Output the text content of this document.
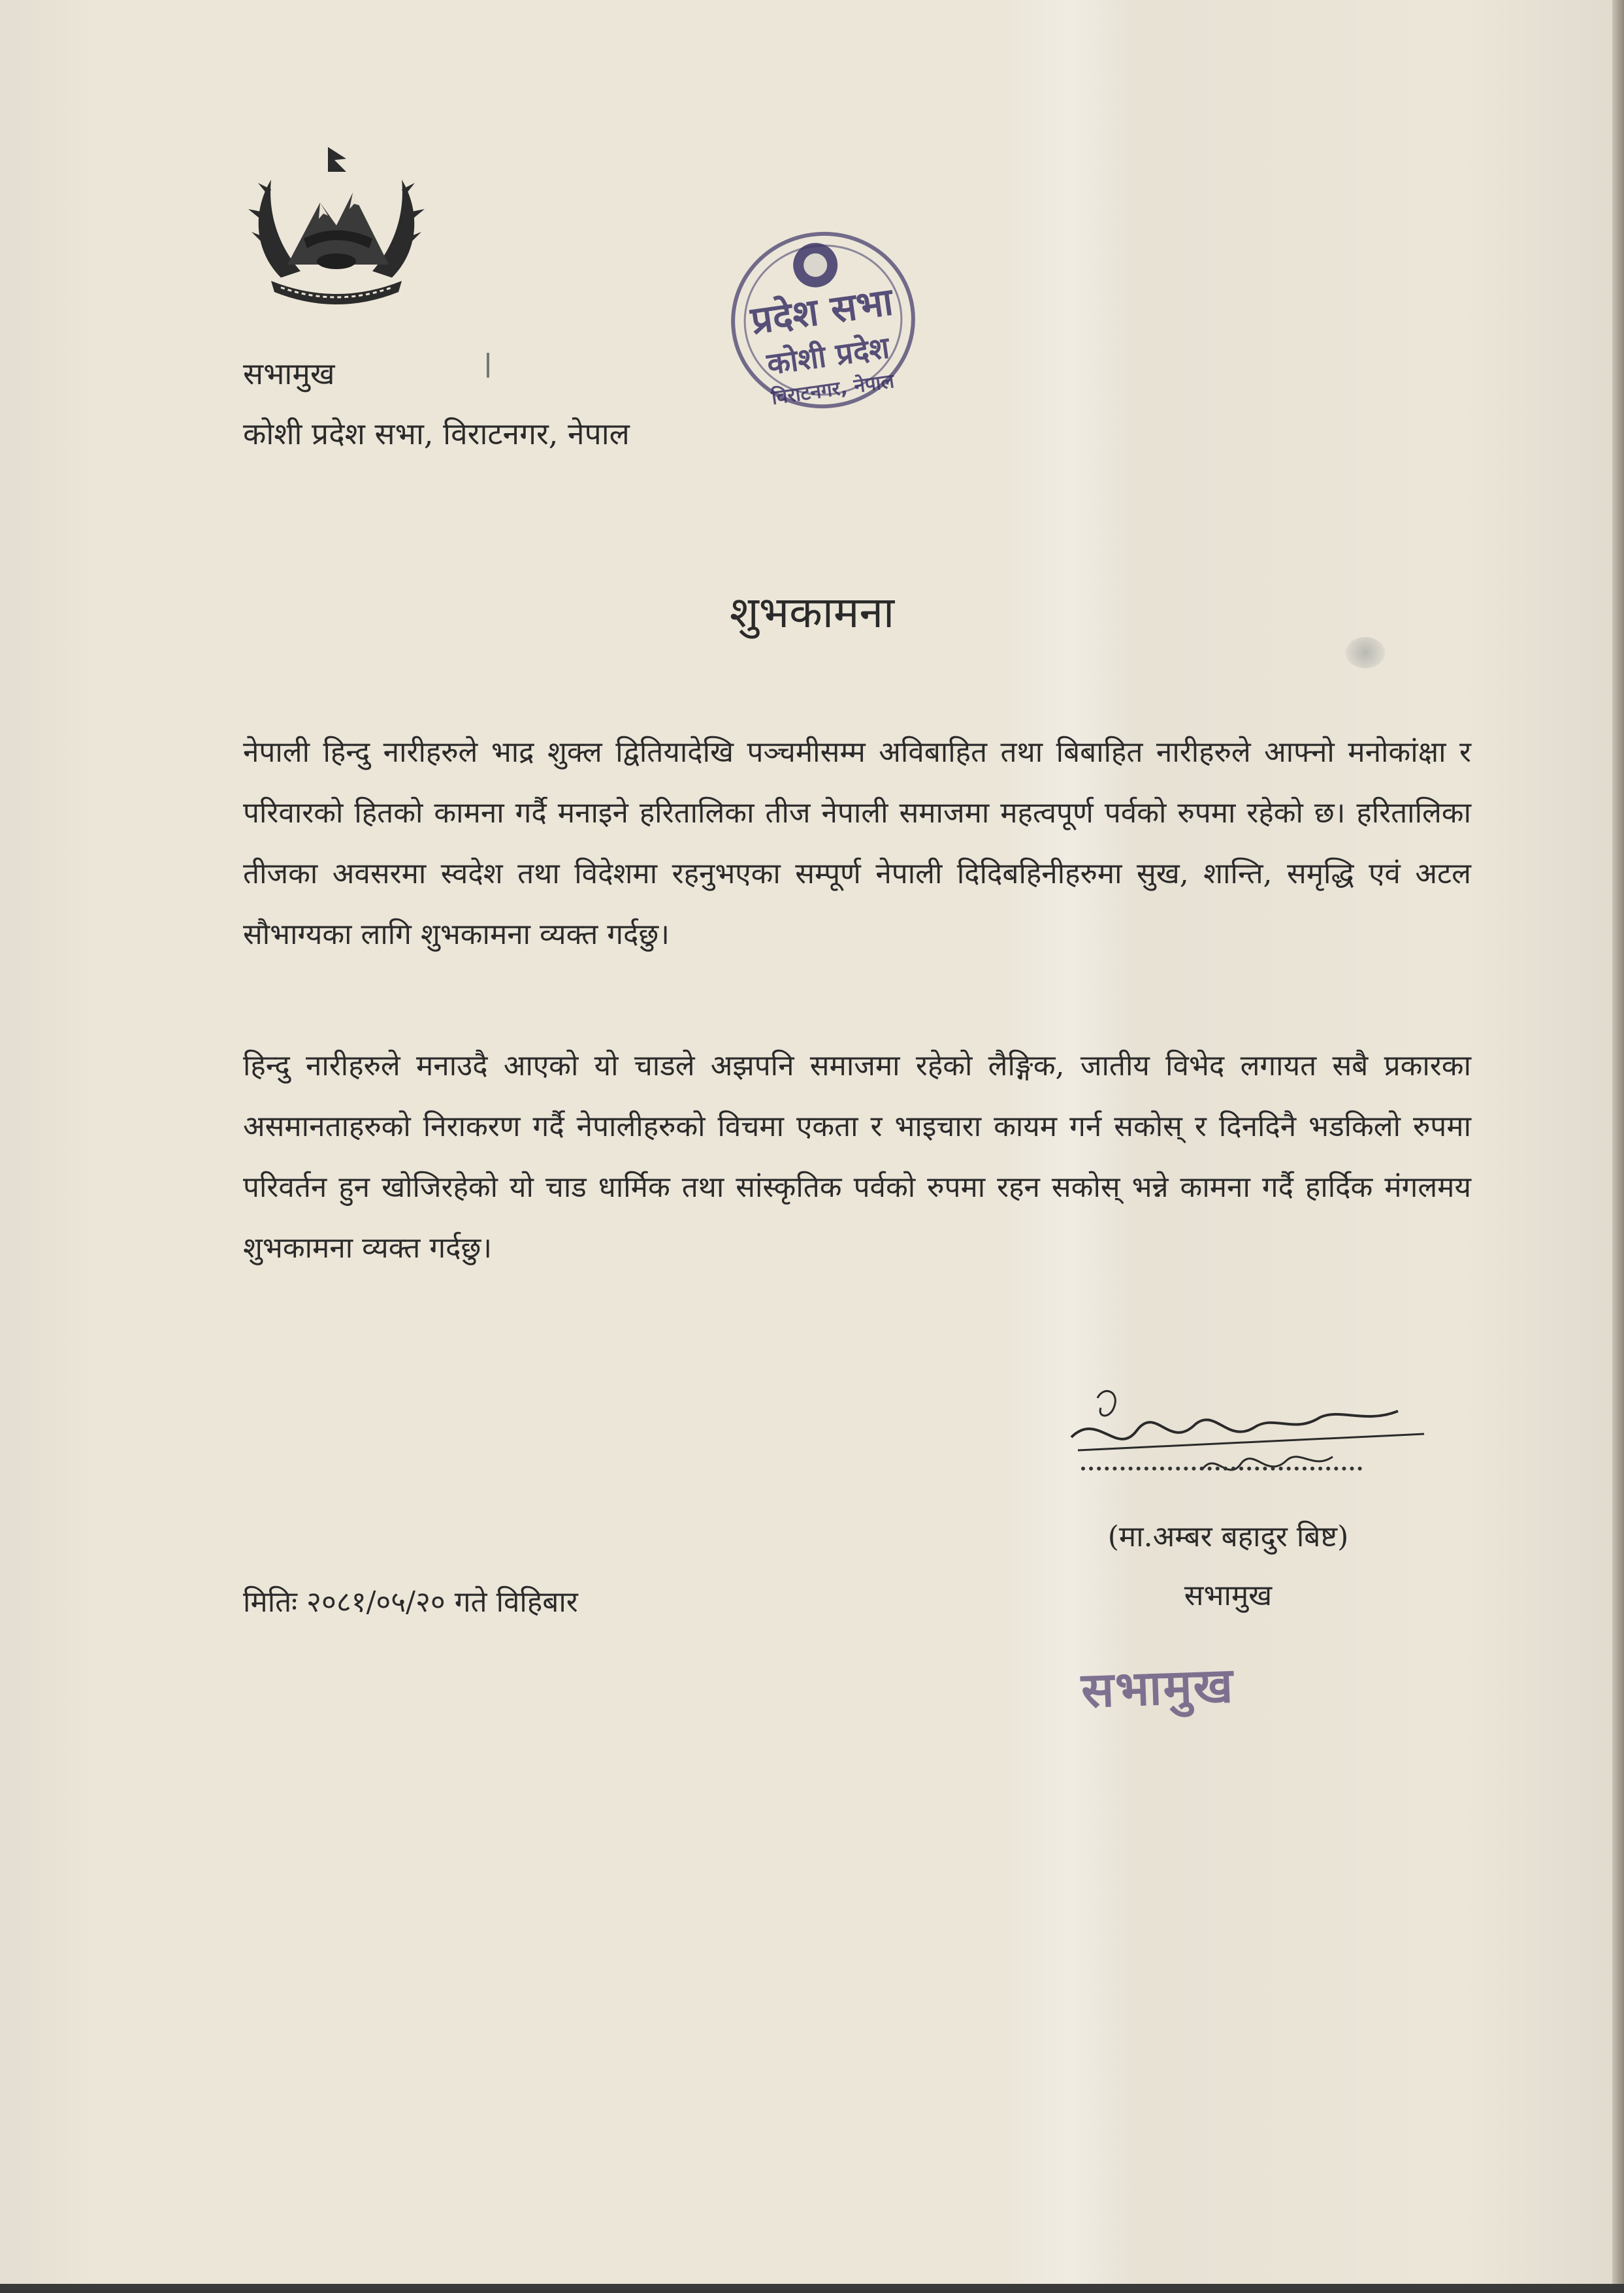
प्रदेश सभा
कोशी प्रदेश
विराटनगर, नेपाल
सभामुख
कोशी प्रदेश सभा, विराटनगर, नेपाल
शुभकामना
नेपाली हिन्दु नारीहरुले भाद्र शुक्ल द्वितियादेखि पञ्चमीसम्म अविबाहित तथा बिबाहित नारीहरुले आफ्नो मनोकांक्षा र परिवारको हितको कामना गर्दै मनाइने हरितालिका तीज नेपाली समाजमा महत्वपूर्ण पर्वको रुपमा रहेको छ। हरितालिका तीजका अवसरमा स्वदेश तथा विदेशमा रहनुभएका सम्पूर्ण नेपाली दिदिबहिनीहरुमा सुख, शान्ति, समृद्धि एवं अटल सौभाग्यका लागि शुभकामना व्यक्त गर्दछु।
हिन्दु नारीहरुले मनाउदै आएको यो चाडले अझपनि समाजमा रहेको लैङ्गिक, जातीय विभेद लगायत सबै प्रकारका असमानताहरुको निराकरण गर्दै नेपालीहरुको विचमा एकता र भाइचारा कायम गर्न सकोस् र दिनदिनै भडकिलो रुपमा परिवर्तन हुन खोजिरहेको यो चाड धार्मिक तथा सांस्कृतिक पर्वको रुपमा रहन सकोस् भन्ने कामना गर्दै हार्दिक मंगलमय शुभकामना व्यक्त गर्दछु।
(मा.अम्बर बहादुर बिष्ट)
सभामुख
सभामुख
मितिः २०८१/०५/२० गते विहिबार
